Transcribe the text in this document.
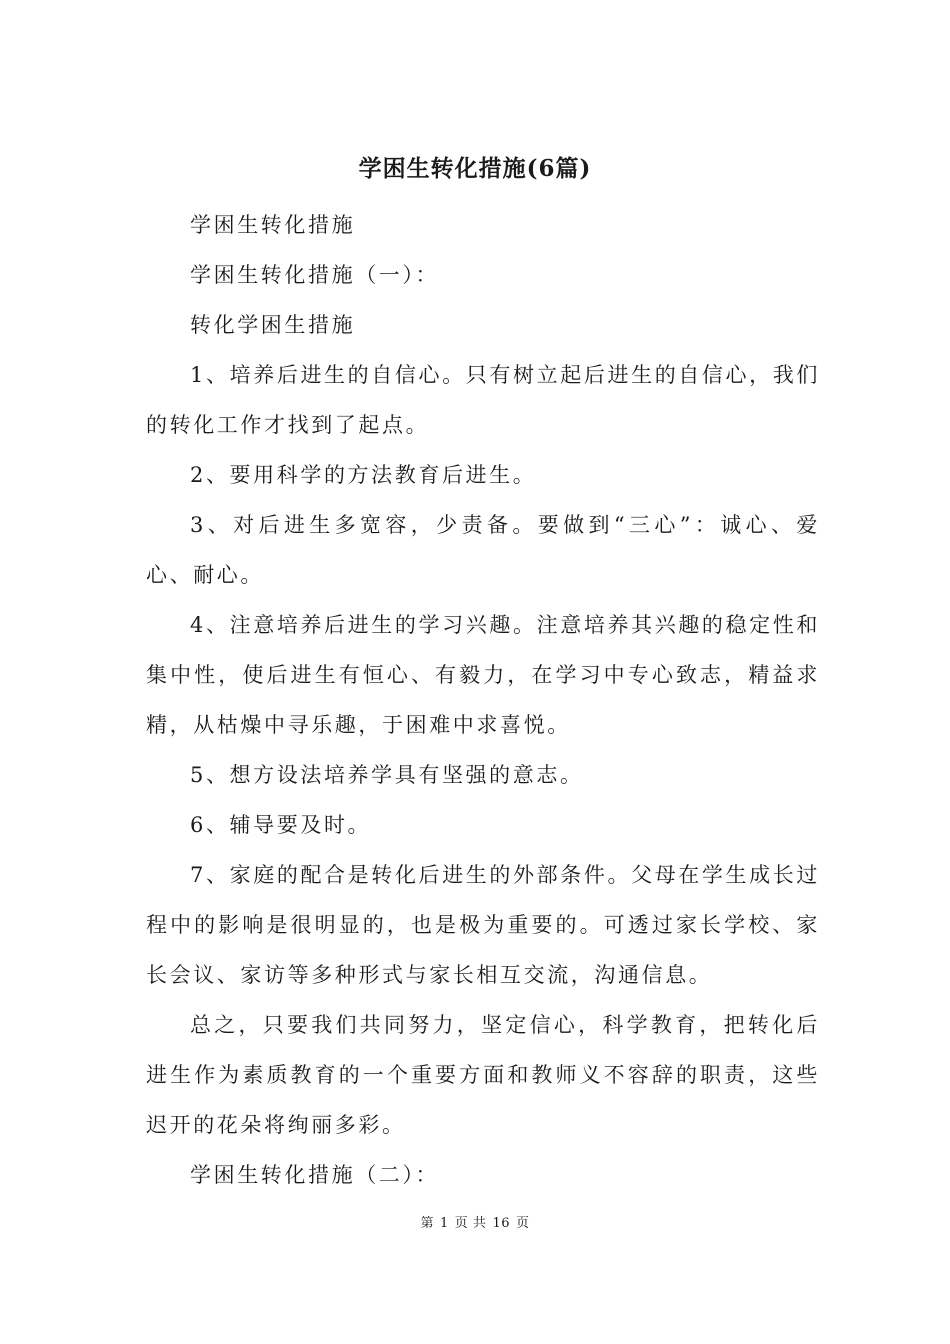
学困生转化措施(6篇)

学困生转化措施

学困生转化措施（一）：

转化学困生措施

1、培养后进生的自信心。只有树立起后进生的自信心，我们的转化工作才找到了起点。

2、要用科学的方法教育后进生。

3、对后进生多宽容，少责备。要做到“三心”：诚心、爱心、耐心。

4、注意培养后进生的学习兴趣。注意培养其兴趣的稳定性和集中性，使后进生有恒心、有毅力，在学习中专心致志，精益求精，从枯燥中寻乐趣，于困难中求喜悦。

5、想方设法培养学具有坚强的意志。

6、辅导要及时。

7、家庭的配合是转化后进生的外部条件。父母在学生成长过程中的影响是很明显的，也是极为重要的。可透过家长学校、家长会议、家访等多种形式与家长相互交流，沟通信息。

总之，只要我们共同努力，坚定信心，科学教育，把转化后进生作为素质教育的一个重要方面和教师义不容辞的职责，这些迟开的花朵将绚丽多彩。

学困生转化措施（二）：

第 1 页 共 16 页
